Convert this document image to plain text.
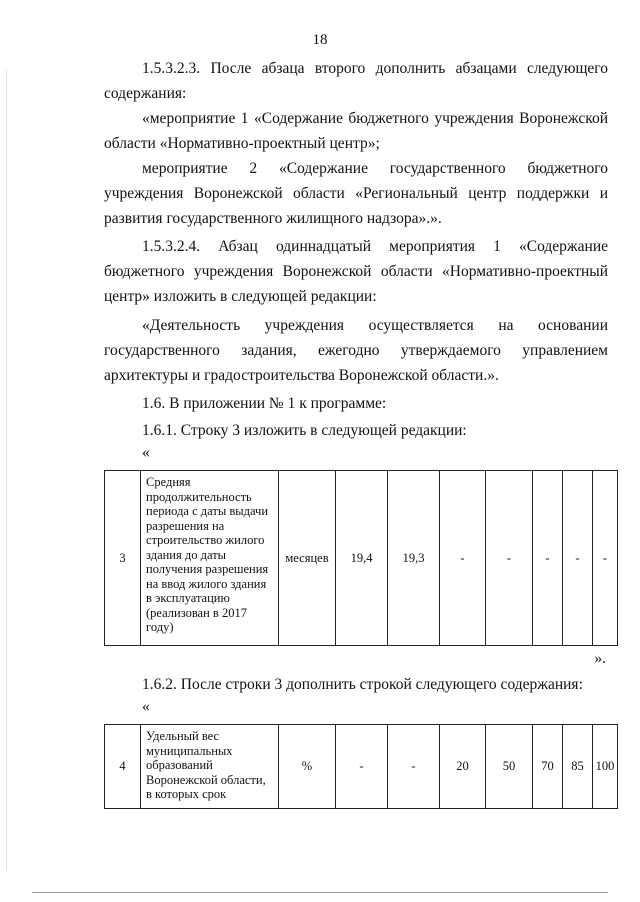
18

1.5.3.2.3. После абзаца второго дополнить абзацами следующего содержания:

«мероприятие 1 «Содержание бюджетного учреждения Воронежской области «Нормативно-проектный центр»;

мероприятие 2 «Содержание государственного бюджетного учреждения Воронежской области «Региональный центр поддержки и развития государственного жилищного надзора».».

1.5.3.2.4. Абзац одиннадцатый мероприятия 1 «Содержание бюджетного учреждения Воронежской области «Нормативно-проектный центр» изложить в следующей редакции:

«Деятельность учреждения осуществляется на основании государственного задания, ежегодно утверждаемого управлением архитектуры и градостроительства Воронежской области.».

1.6. В приложении № 1 к программе:

1.6.1. Строку 3 изложить в следующей редакции:

«
3	Средняя продолжительность периода с даты выдачи разрешения на строительство жилого здания до даты получения разрешения на ввод жилого здания в эксплуатацию (реализован в 2017 году)	месяцев	19,4	19,3	-	-	-	-	-
».

1.6.2. После строки 3 дополнить строкой следующего содержания:

«
4	Удельный вес муниципальных образований Воронежской области, в которых срок	%	-	-	20	50	70	85	100
